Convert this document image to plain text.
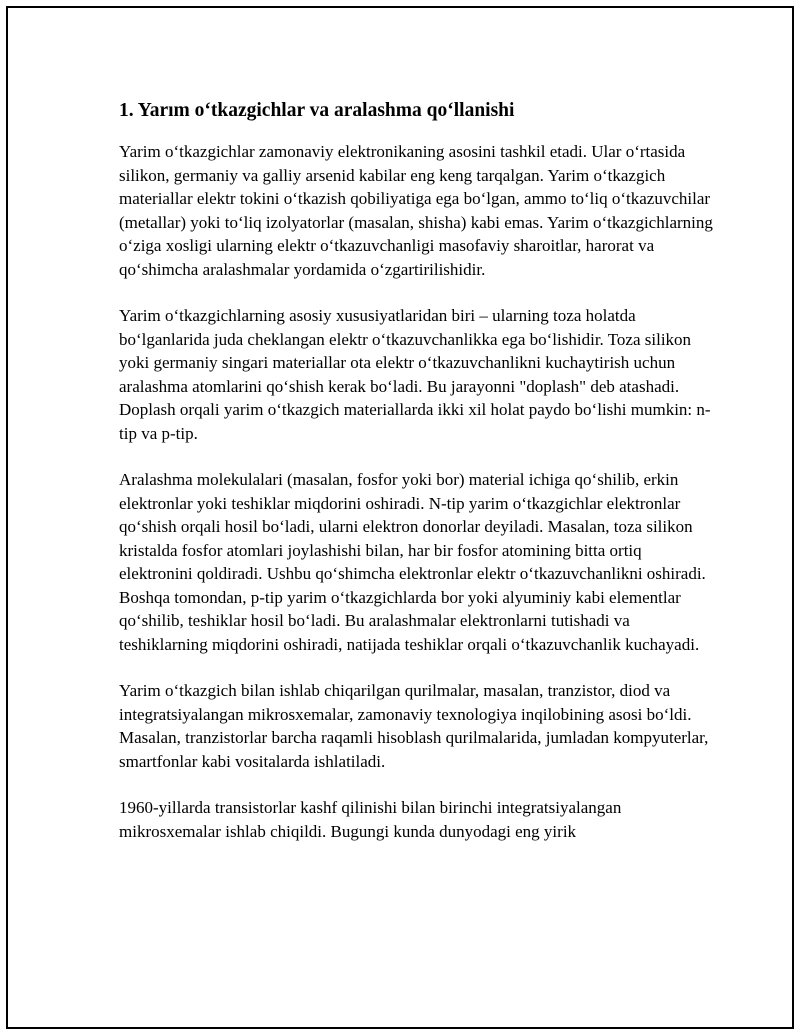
1. Yarım o‘tkazgichlar va aralashma qo‘llanishi

Yarim o‘tkazgichlar zamonaviy elektronikaning asosini tashkil etadi. Ular o‘rtasida silikon, germaniy va galliy arsenid kabilar eng keng tarqalgan. Yarim o‘tkazgich materiallar elektr tokini o‘tkazish qobiliyatiga ega bo‘lgan, ammo to‘liq o‘tkazuvchilar (metallar) yoki to‘liq izolyatorlar (masalan, shisha) kabi emas. Yarim o‘tkazgichlarning o‘ziga xosligi ularning elektr o‘tkazuvchanligi masofaviy sharoitlar, harorat va qo‘shimcha aralashmalar yordamida o‘zgartirilishidir.

Yarim o‘tkazgichlarning asosiy xususiyatlaridan biri – ularning toza holatda bo‘lganlarida juda cheklangan elektr o‘tkazuvchanlikka ega bo‘lishidir. Toza silikon yoki germaniy singari materiallar ota elektr o‘tkazuvchanlikni kuchaytirish uchun aralashma atomlarini qo‘shish kerak bo‘ladi. Bu jarayonni "doplash" deb atashadi. Doplash orqali yarim o‘tkazgich materiallarda ikki xil holat paydo bo‘lishi mumkin: n-tip va p-tip.

Aralashma molekulalari (masalan, fosfor yoki bor) material ichiga qo‘shilib, erkin elektronlar yoki teshiklar miqdorini oshiradi. N-tip yarim o‘tkazgichlar elektronlar qo‘shish orqali hosil bo‘ladi, ularni elektron donorlar deyiladi. Masalan, toza silikon kristalda fosfor atomlari joylashishi bilan, har bir fosfor atomining bitta ortiq elektronini qoldiradi. Ushbu qo‘shimcha elektronlar elektr o‘tkazuvchanlikni oshiradi. Boshqa tomondan, p-tip yarim o‘tkazgichlarda bor yoki alyuminiy kabi elementlar qo‘shilib, teshiklar hosil bo‘ladi. Bu aralashmalar elektronlarni tutishadi va teshiklarning miqdorini oshiradi, natijada teshiklar orqali o‘tkazuvchanlik kuchayadi.

Yarim o‘tkazgich bilan ishlab chiqarilgan qurilmalar, masalan, tranzistor, diod va integratsiyalangan mikrosxemalar, zamonaviy texnologiya inqilobining asosi bo‘ldi. Masalan, tranzistorlar barcha raqamli hisoblash qurilmalarida, jumladan kompyuterlar, smartfonlar kabi vositalarda ishlatiladi.

1960-yillarda transistorlar kashf qilinishi bilan birinchi integratsiyalangan mikrosxemalar ishlab chiqildi. Bugungi kunda dunyodagi eng yirik
